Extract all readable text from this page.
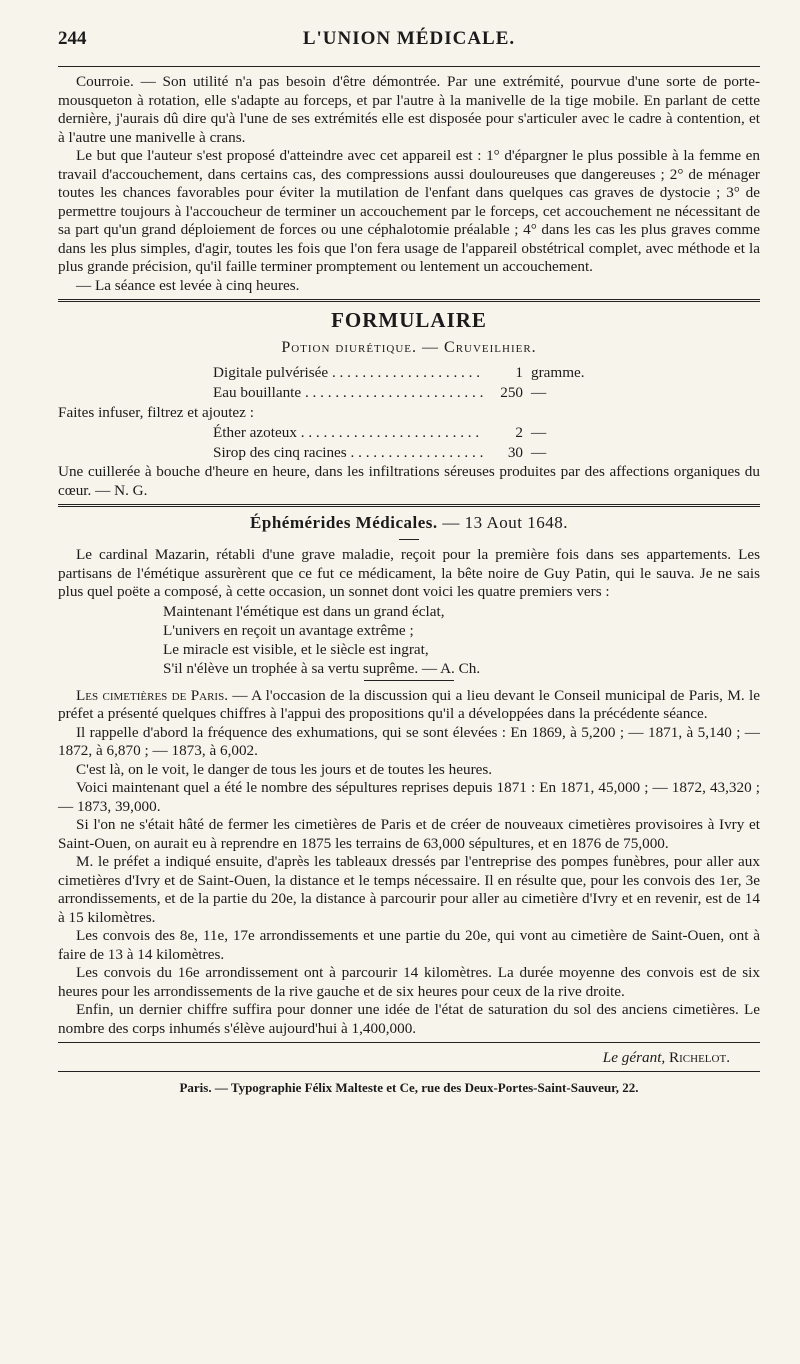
244	L'UNION MÉDICALE.

Courroie. — Son utilité n'a pas besoin d'être démontrée. Par une extrémité, pourvue d'une sorte de porte-mousqueton à rotation, elle s'adapte au forceps, et par l'autre à la manivelle de la tige mobile. En parlant de cette dernière, j'aurais dû dire qu'à l'une de ses extrémités elle est disposée pour s'articuler avec le cadre à contention, et à l'autre une manivelle à crans.

Le but que l'auteur s'est proposé d'atteindre avec cet appareil est : 1° d'épargner le plus possible à la femme en travail d'accouchement, dans certains cas, des compressions aussi douloureuses que dangereuses ; 2° de ménager toutes les chances favorables pour éviter la mutilation de l'enfant dans quelques cas graves de dystocie ; 3° de permettre toujours à l'accoucheur de terminer un accouchement par le forceps, cet accouchement ne nécessitant de sa part qu'un grand déploiement de forces ou une céphalotomie préalable ; 4° dans les cas les plus graves comme dans les plus simples, d'agir, toutes les fois que l'on fera usage de l'appareil obstétrical complet, avec méthode et la plus grande précision, qu'il faille terminer promptement ou lentement un accouchement.

— La séance est levée à cinq heures.

FORMULAIRE
Potion diurétique. — Cruveilhier.
Digitale pulvérisée . . .	1 gramme.
Eau bouillante . . .	250 —
Faites infuser, filtrez et ajoutez :
Éther azoteux . . .	2 —
Sirop des cinq racines . . .	30 —

Une cuillerée à bouche d'heure en heure, dans les infiltrations séreuses produites par des affections organiques du cœur. — N. G.

Éphémérides Médicales. — 13 Aout 1648.

Le cardinal Mazarin, rétabli d'une grave maladie, reçoit pour la première fois dans ses appartements. Les partisans de l'émétique assurèrent que ce fut ce médicament, la bête noire de Guy Patin, qui le sauva. Je ne sais plus quel poëte a composé, à cette occasion, un sonnet dont voici les quatre premiers vers :

Maintenant l'émétique est dans un grand éclat,
L'univers en reçoit un avantage extrême ;
Le miracle est visible, et le siècle est ingrat,
S'il n'élève un trophée à sa vertu suprême. — A. Ch.

Les cimetières de Paris. — A l'occasion de la discussion qui a lieu devant le Conseil municipal de Paris, M. le préfet a présenté quelques chiffres à l'appui des propositions qu'il a développées dans la précédente séance.

Il rappelle d'abord la fréquence des exhumations, qui se sont élevées : En 1869, à 5,200 ; — 1871, à 5,140 ; — 1872, à 6,870 ; — 1873, à 6,002.

C'est là, on le voit, le danger de tous les jours et de toutes les heures.

Voici maintenant quel a été le nombre des sépultures reprises depuis 1871 : En 1871, 45,000 ; — 1872, 43,320 ; — 1873, 39,000.

Si l'on ne s'était hâté de fermer les cimetières de Paris et de créer de nouveaux cimetières provisoires à Ivry et Saint-Ouen, on aurait eu à reprendre en 1875 les terrains de 63,000 sépultures, et en 1876 de 75,000.

M. le préfet a indiqué ensuite, d'après les tableaux dressés par l'entreprise des pompes funèbres, pour aller aux cimetières d'Ivry et de Saint-Ouen, la distance et le temps nécessaire. Il en résulte que, pour les convois des 1er, 3e arrondissements, et de la partie du 20e, la distance à parcourir pour aller au cimetière d'Ivry et en revenir, est de 14 à 15 kilomètres.

Les convois des 8e, 11e, 17e arrondissements et une partie du 20e, qui vont au cimetière de Saint-Ouen, ont à faire de 13 à 14 kilomètres.

Les convois du 16e arrondissement ont à parcourir 14 kilomètres. La durée moyenne des convois est de six heures pour les arrondissements de la rive gauche et de six heures pour ceux de la rive droite.

Enfin, un dernier chiffre suffira pour donner une idée de l'état de saturation du sol des anciens cimetières. Le nombre des corps inhumés s'élève aujourd'hui à 1,400,000.

Le gérant, Richelot.
Paris. — Typographie Félix Malteste et Ce, rue des Deux-Portes-Saint-Sauveur, 22.
